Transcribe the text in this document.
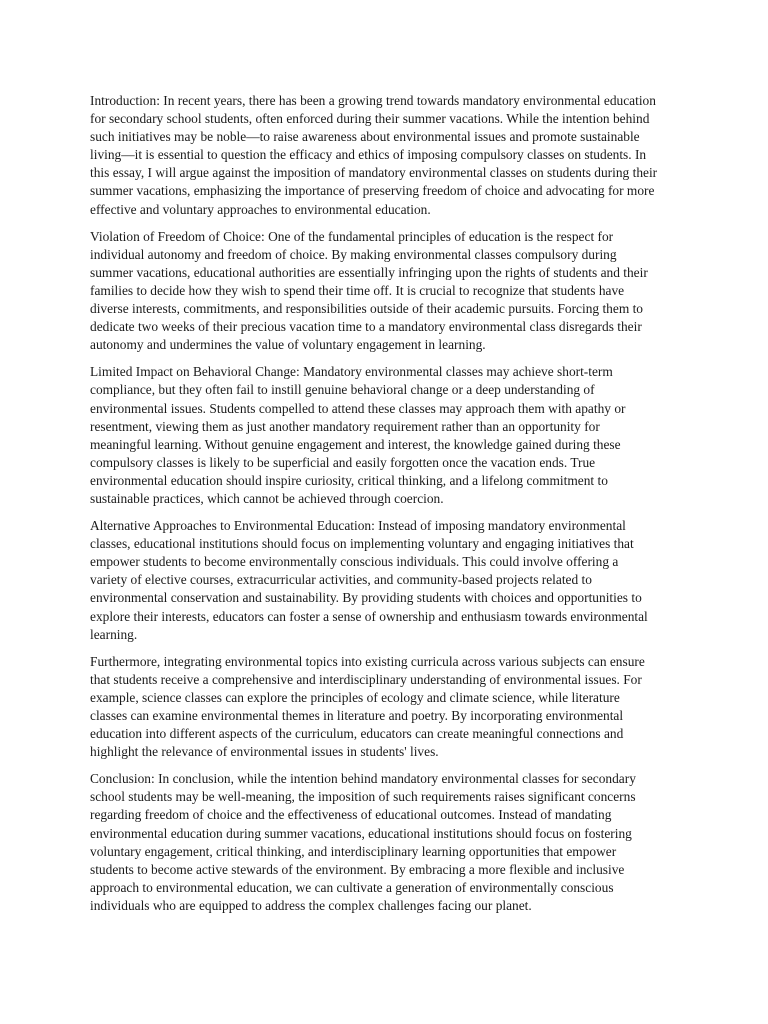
Introduction: In recent years, there has been a growing trend towards mandatory environmental education for secondary school students, often enforced during their summer vacations. While the intention behind such initiatives may be noble—to raise awareness about environmental issues and promote sustainable living—it is essential to question the efficacy and ethics of imposing compulsory classes on students. In this essay, I will argue against the imposition of mandatory environmental classes on students during their summer vacations, emphasizing the importance of preserving freedom of choice and advocating for more effective and voluntary approaches to environmental education.

Violation of Freedom of Choice: One of the fundamental principles of education is the respect for individual autonomy and freedom of choice. By making environmental classes compulsory during summer vacations, educational authorities are essentially infringing upon the rights of students and their families to decide how they wish to spend their time off. It is crucial to recognize that students have diverse interests, commitments, and responsibilities outside of their academic pursuits. Forcing them to dedicate two weeks of their precious vacation time to a mandatory environmental class disregards their autonomy and undermines the value of voluntary engagement in learning.

Limited Impact on Behavioral Change: Mandatory environmental classes may achieve short-term compliance, but they often fail to instill genuine behavioral change or a deep understanding of environmental issues. Students compelled to attend these classes may approach them with apathy or resentment, viewing them as just another mandatory requirement rather than an opportunity for meaningful learning. Without genuine engagement and interest, the knowledge gained during these compulsory classes is likely to be superficial and easily forgotten once the vacation ends. True environmental education should inspire curiosity, critical thinking, and a lifelong commitment to sustainable practices, which cannot be achieved through coercion.

Alternative Approaches to Environmental Education: Instead of imposing mandatory environmental classes, educational institutions should focus on implementing voluntary and engaging initiatives that empower students to become environmentally conscious individuals. This could involve offering a variety of elective courses, extracurricular activities, and community-based projects related to environmental conservation and sustainability. By providing students with choices and opportunities to explore their interests, educators can foster a sense of ownership and enthusiasm towards environmental learning.

Furthermore, integrating environmental topics into existing curricula across various subjects can ensure that students receive a comprehensive and interdisciplinary understanding of environmental issues. For example, science classes can explore the principles of ecology and climate science, while literature classes can examine environmental themes in literature and poetry. By incorporating environmental education into different aspects of the curriculum, educators can create meaningful connections and highlight the relevance of environmental issues in students' lives.

Conclusion: In conclusion, while the intention behind mandatory environmental classes for secondary school students may be well-meaning, the imposition of such requirements raises significant concerns regarding freedom of choice and the effectiveness of educational outcomes. Instead of mandating environmental education during summer vacations, educational institutions should focus on fostering voluntary engagement, critical thinking, and interdisciplinary learning opportunities that empower students to become active stewards of the environment. By embracing a more flexible and inclusive approach to environmental education, we can cultivate a generation of environmentally conscious individuals who are equipped to address the complex challenges facing our planet.
